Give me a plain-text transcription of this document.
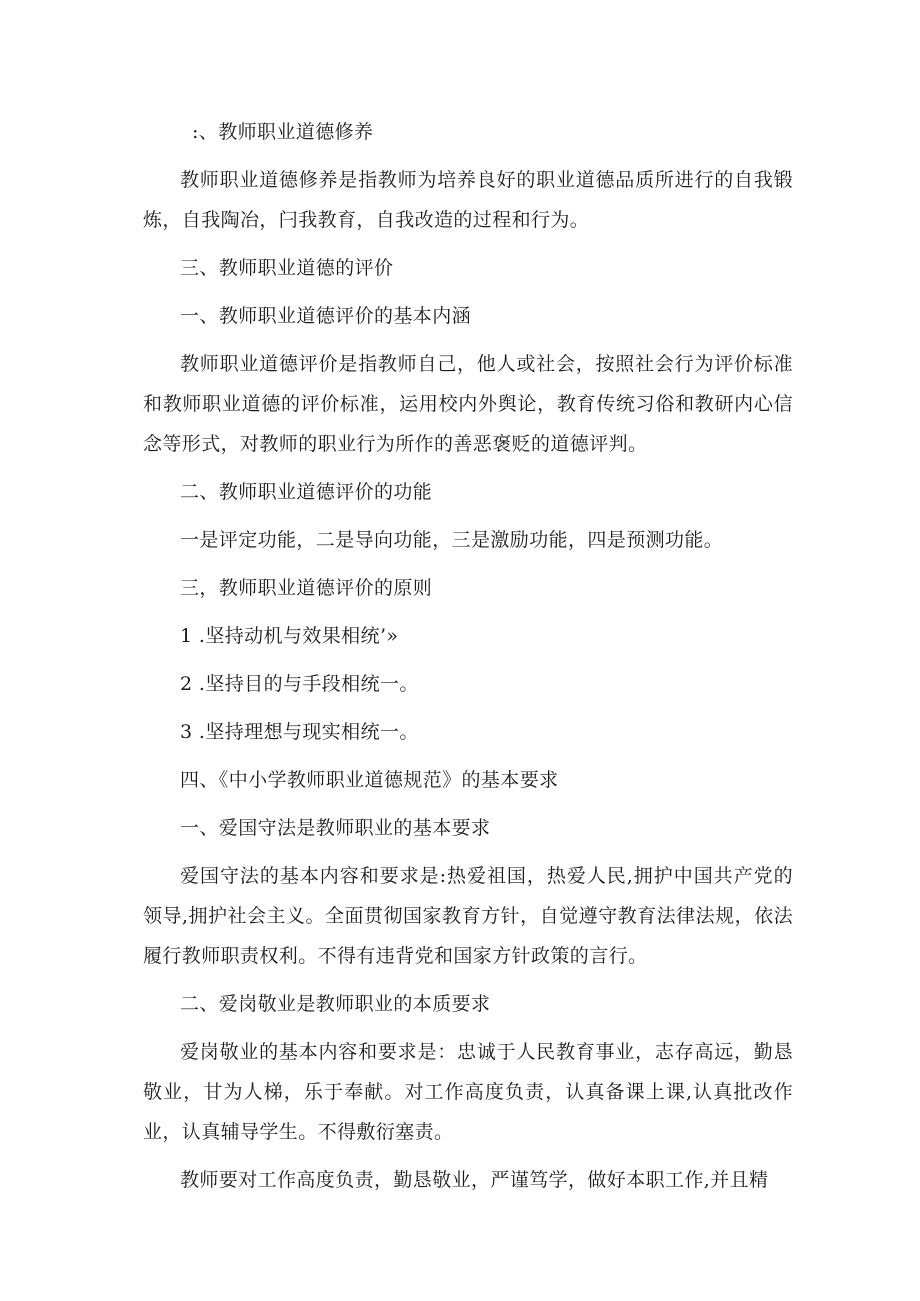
:、教师职业道德修养

教师职业道德修养是指教师为培养良好的职业道德品质所进行的自我锻炼，自我陶冶，闩我教育，自我改造的过程和行为。

三、教师职业道德的评价

一、教师职业道德评价的基本内涵

教师职业道德评价是指教师自己，他人或社会，按照社会行为评价标准和教师职业道德的评价标准，运用校内外舆论，教育传统习俗和教研内心信念等形式，对教师的职业行为所作的善恶褒贬的道德评判。

二、教师职业道德评价的功能

一是评定功能，二是导向功能，三是激励功能，四是预测功能。

三，教师职业道德评价的原则

1 .坚持动机与效果相统’»

2 .坚持目的与手段相统一。

3 .坚持理想与现实相统一。

四、《中小学教师职业道德规范》的基本要求

一、爱国守法是教师职业的基本要求

爱国守法的基本内容和要求是:热爱祖国，热爱人民,拥护中国共产党的领导,拥护社会主义。全面贯彻国家教育方针，自觉遵守教育法律法规，依法履行教师职责权利。不得有违背党和国家方针政策的言行。

二、爱岗敬业是教师职业的本质要求

爱岗敬业的基本内容和要求是：忠诚于人民教育事业，志存高远，勤恳敬业，甘为人梯，乐于奉献。对工作高度负责，认真备课上课,认真批改作业，认真辅导学生。不得敷衍塞责。

教师要对工作高度负责，勤恳敬业，严谨笃学，做好本职工作,并且精
